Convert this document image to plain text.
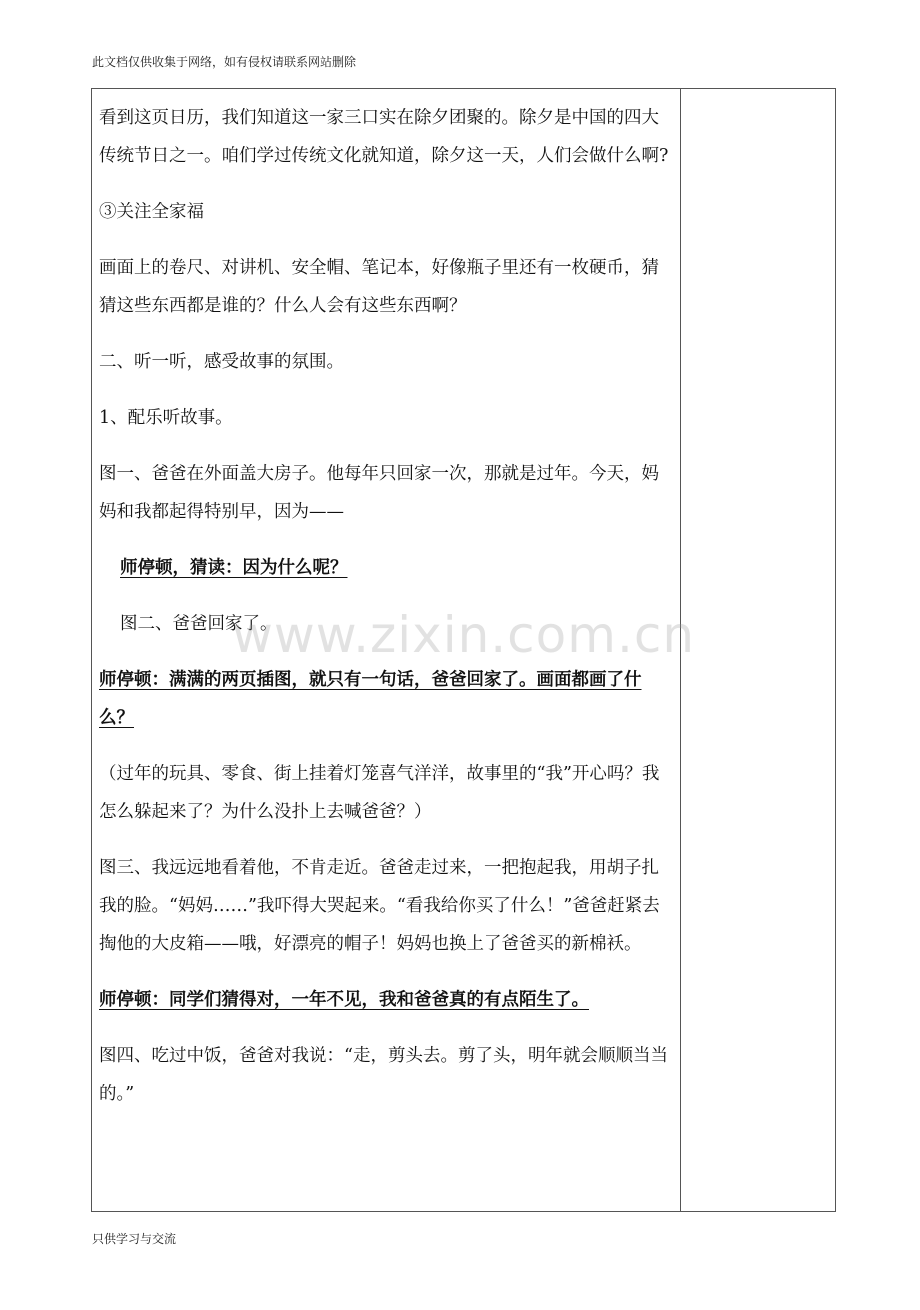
此文档仅供收集于网络，如有侵权请联系网站删除

看到这页日历，我们知道这一家三口实在除夕团聚的。除夕是中国的四大传统节日之一。咱们学过传统文化就知道，除夕这一天，人们会做什么啊?

③关注全家福

画面上的卷尺、对讲机、安全帽、笔记本，好像瓶子里还有一枚硬币，猜猜这些东西都是谁的？什么人会有这些东西啊？

二、听一听，感受故事的氛围。

1、配乐听故事。

图一、爸爸在外面盖大房子。他每年只回家一次，那就是过年。今天，妈妈和我都起得特别早，因为——

师停顿，猜读：因为什么呢？

图二、爸爸回家了。

师停顿：满满的两页插图，就只有一句话，爸爸回家了。画面都画了什么？

（过年的玩具、零食、街上挂着灯笼喜气洋洋，故事里的“我”开心吗？我怎么躲起来了？为什么没扑上去喊爸爸？）

图三、我远远地看着他，不肯走近。爸爸走过来，一把抱起我，用胡子扎我的脸。“妈妈……”我吓得大哭起来。“看我给你买了什么！”爸爸赶紧去掏他的大皮箱——哦，好漂亮的帽子！妈妈也换上了爸爸买的新棉袄。

师停顿：同学们猜得对，一年不见，我和爸爸真的有点陌生了。

图四、吃过中饭，爸爸对我说：“走，剪头去。剪了头，明年就会顺顺当当的。”

www.zixin.com.cn
只供学习与交流
